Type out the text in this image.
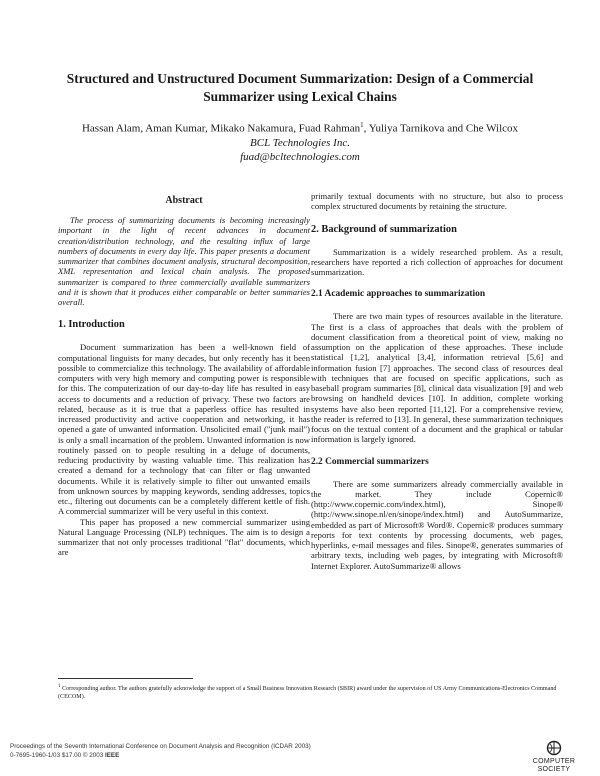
Structured and Unstructured Document Summarization: Design of a Commercial
Summarizer using Lexical Chains
Hassan Alam, Aman Kumar, Mikako Nakamura, Fuad Rahman$^1$, Yuliya Tarnikova and Che Wilcox
BCL Technologies Inc.
fuad@bcltechnologies.com
Abstract

The process of summarizing documents is becoming increasingly important in the light of recent advances in document creation/distribution technology, and the resulting influx of large numbers of documents in every day life. This paper presents a document summarizer that combines document analysis, structural decomposition, XML representation and lexical chain analysis. The proposed summarizer is compared to three commercially available summarizers and it is shown that it produces either comparable or better summaries overall.

1. Introduction

Document summarization has been a well-known field of computational linguists for many decades, but only recently has it been possible to commercialize this technology. The availability of affordable computers with very high memory and computing power is responsible for this. The computerization of our day-to-day life has resulted in easy access to documents and a reduction of privacy. These two factors are related, because as it is true that a paperless office has resulted in increased productivity and active cooperation and networking, it has opened a gate of unwanted information. Unsolicited email ("junk mail") is only a small incarnation of the problem. Unwanted information is now routinely passed on to people resulting in a deluge of documents, reducing productivity by wasting valuable time. This realization has created a demand for a technology that can filter or flag unwanted documents. While it is relatively simple to filter out unwanted emails from unknown sources by mapping keywords, sending addresses, topics etc., filtering out documents can be a completely different kettle of fish. A commercial summarizer will be very useful in this context.

This paper has proposed a new commercial summarizer using Natural Language Processing (NLP) techniques. The aim is to design a summarizer that not only processes traditional "flat" documents, which are

primarily textual documents with no structure, but also to process complex structured documents by retaining the structure.

2. Background of summarization

Summarization is a widely researched problem. As a result, researchers have reported a rich collection of approaches for document summarization.

2.1 Academic approaches to summarization

There are two main types of resources available in the literature. The first is a class of approaches that deals with the problem of document classification from a theoretical point of view, making no assumption on the application of these approaches. These include statistical [1,2], analytical [3,4], information retrieval [5,6] and information fusion [7] approaches. The second class of resources deal with techniques that are focused on specific applications, such as baseball program summaries [8], clinical data visualization [9] and web browsing on handheld devices [10]. In addition, complete working systems have also been reported [11,12]. For a comprehensive review, the reader is referred to [13]. In general, these summarization techniques focus on the textual content of a document and the graphical or tabular information is largely ignored.

2.2 Commercial summarizers

There are some summarizers already commercially available in the market. They include Copernic® (http://www.copernic.com/index.html), Sinope® (http://www.sinope.nl/en/sinope/index.html) and AutoSummarize, embedded as part of Microsoft® Word®. Copernic® produces summary reports for text contents by processing documents, web pages, hyperlinks, e-mail messages and files. Sinope®, generates summaries of arbitrary texts, including web pages, by integrating with Microsoft® Internet Explorer. AutoSummarize® allows

$^1$ Corresponding author. The authors gratefully acknowledge the support of a Small Business Innovation Research (SBIR) award under the supervision of US Army Communications-Electronics Command (CECOM).
Proceedings of the Seventh International Conference on Document Analysis and Recognition (ICDAR 2003)
0-7695-1960-1/03 $17.00 © 2003 IEEE
COMPUTER
SOCIETY
